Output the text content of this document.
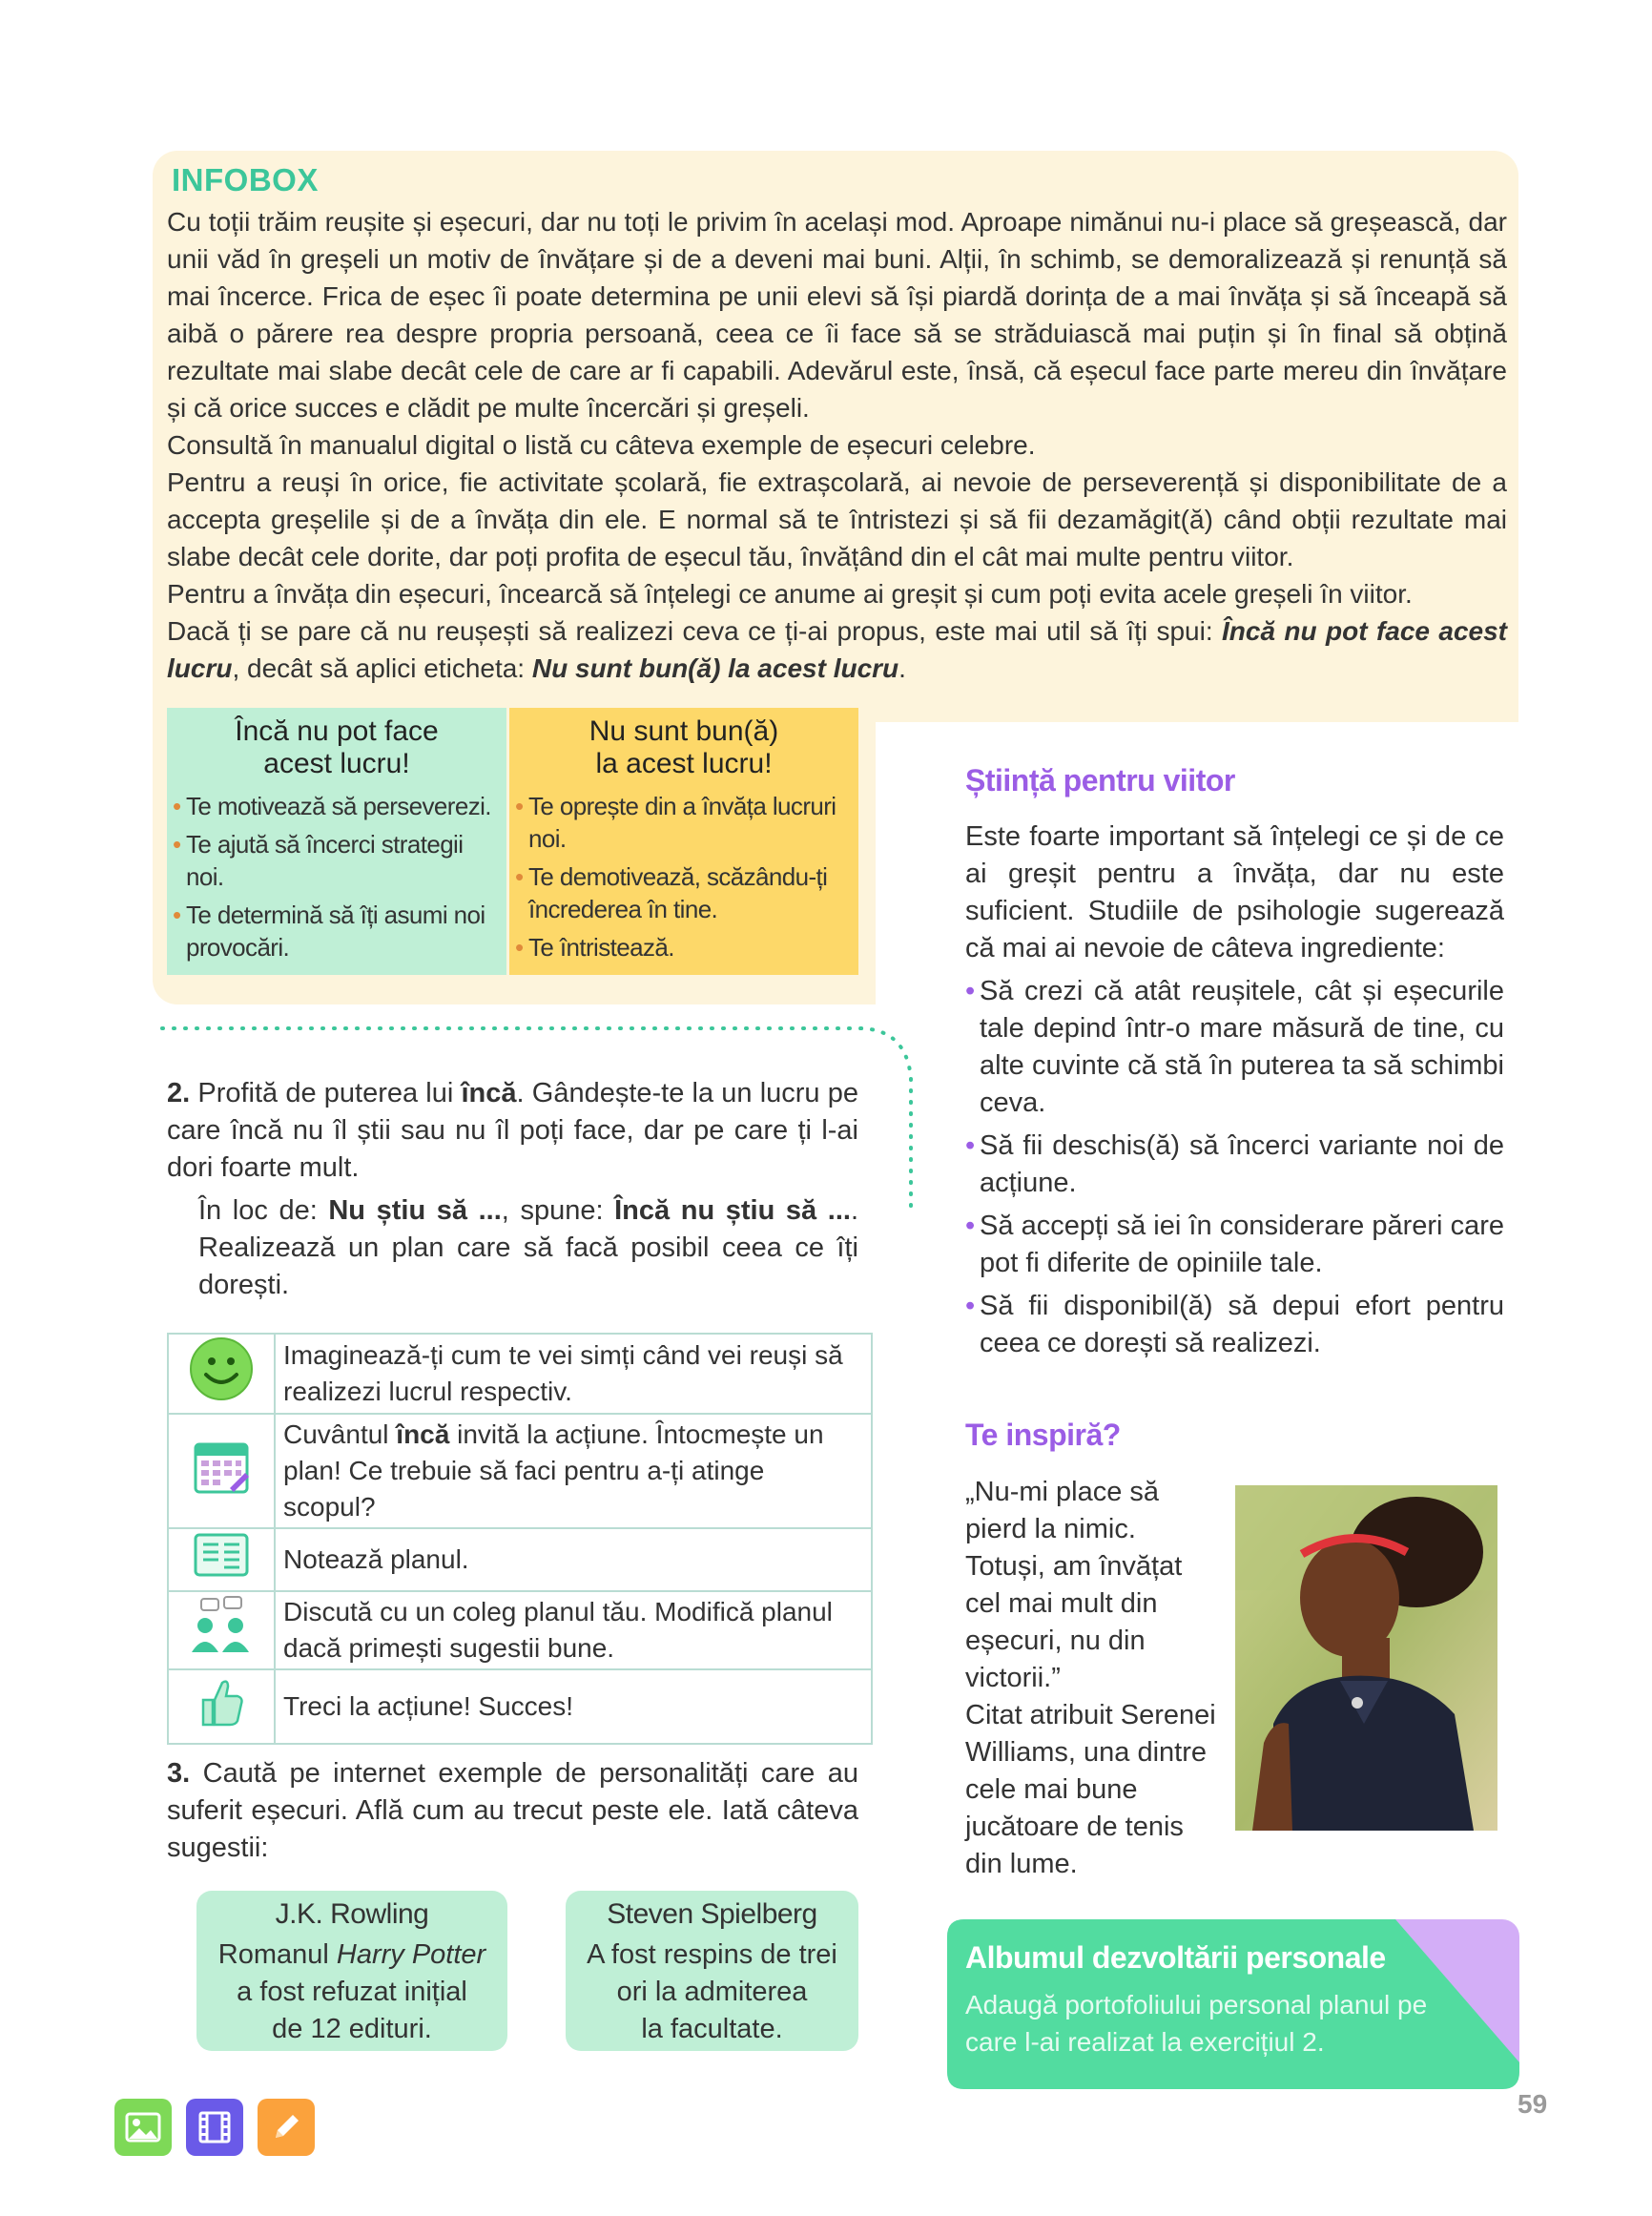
INFOBOX

Cu toții trăim reușite și eșecuri, dar nu toți le privim în același mod. Aproape nimănui nu-i place să greșească, dar unii văd în greșeli un motiv de învățare și de a deveni mai buni. Alții, în schimb, se demoralizează și renunță să mai încerce. Frica de eșec îi poate determina pe unii elevi să își piardă dorința de a mai învăța și să înceapă să aibă o părere rea despre propria persoană, ceea ce îi face să se străduiască mai puțin și în final să obțină rezultate mai slabe decât cele de care ar fi capabili. Adevărul este, însă, că eșecul face parte mereu din învățare și că orice succes e clădit pe multe încercări și greșeli.

Consultă în manualul digital o listă cu câteva exemple de eșecuri celebre.

Pentru a reuși în orice, fie activitate școlară, fie extrașcolară, ai nevoie de perseverență și disponibilitate de a accepta greșelile și de a învăța din ele. E normal să te întristezi și să fii dezamăgit(ă) când obții rezultate mai slabe decât cele dorite, dar poți profita de eșecul tău, învățând din el cât mai multe pentru viitor.

Pentru a învăța din eșecuri, încearcă să înțelegi ce anume ai greșit și cum poți evita acele greșeli în viitor.

Dacă ți se pare că nu reușești să realizezi ceva ce ți-ai propus, este mai util să îți spui: Încă nu pot face acest lucru, decât să aplici eticheta: Nu sunt bun(ă) la acest lucru.

Încă nu pot face
acest lucru!
• Te motivează să perseverezi.
• Te ajută să încerci strategii noi.
• Te determină să îți asumi noi provocări.
Nu sunt bun(ă)
la acest lucru!
• Te oprește din a învăța lucruri noi.
• Te demotivează, scăzându-ți încrederea în tine.
• Te întristează.

2. Profită de puterea lui încă. Gândește-te la un lucru pe care încă nu îl știi sau nu îl poți face, dar pe care ți l-ai dori foarte mult.

În loc de: Nu știu să ..., spune: Încă nu știu să .... Realizează un plan care să facă posibil ceea ce îți dorești.

	Imaginează-ți cum te vei simți când vei reuși să realizezi lucrul respectiv.
	Cuvântul încă invită la acțiune. Întocmește un plan! Ce trebuie să faci pentru a-ți atinge scopul?
	Notează planul.
	Discută cu un coleg planul tău. Modifică planul dacă primești sugestii bune.
	Treci la acțiune! Succes!
3. Caută pe internet exemple de personalități care au suferit eșecuri. Află cum au trecut peste ele. Iată câteva sugestii:
J.K. Rowling
Romanul Harry Potter
a fost refuzat inițial
de 12 edituri.
Steven Spielberg
A fost respins de trei
ori la admiterea
la facultate.
Știință pentru viitor

Este foarte important să înțelegi ce și de ce ai greșit pentru a învăța, dar nu este suficient. Studiile de psihologie sugerează că mai ai nevoie de câteva ingrediente:

• Să crezi că atât reușitele, cât și eșecurile tale depind într-o mare măsură de tine, cu alte cuvinte că stă în puterea ta să schimbi ceva.
• Să fii deschis(ă) să încerci variante noi de acțiune.
• Să accepți să iei în considerare păreri care pot fi diferite de opiniile tale.
• Să fii disponibil(ă) să depui efort pentru ceea ce dorești să realizezi.
Te inspiră?

„Nu-mi place să pierd la nimic. Totuși, am învățat cel mai mult din eșecuri, nu din victorii.”

Citat atribuit Serenei Williams, una dintre cele mai bune jucătoare de tenis din lume.

Albumul dezvoltării personale
Adaugă portofoliului personal planul pe care l-ai realizat la exercițiul 2.
59
